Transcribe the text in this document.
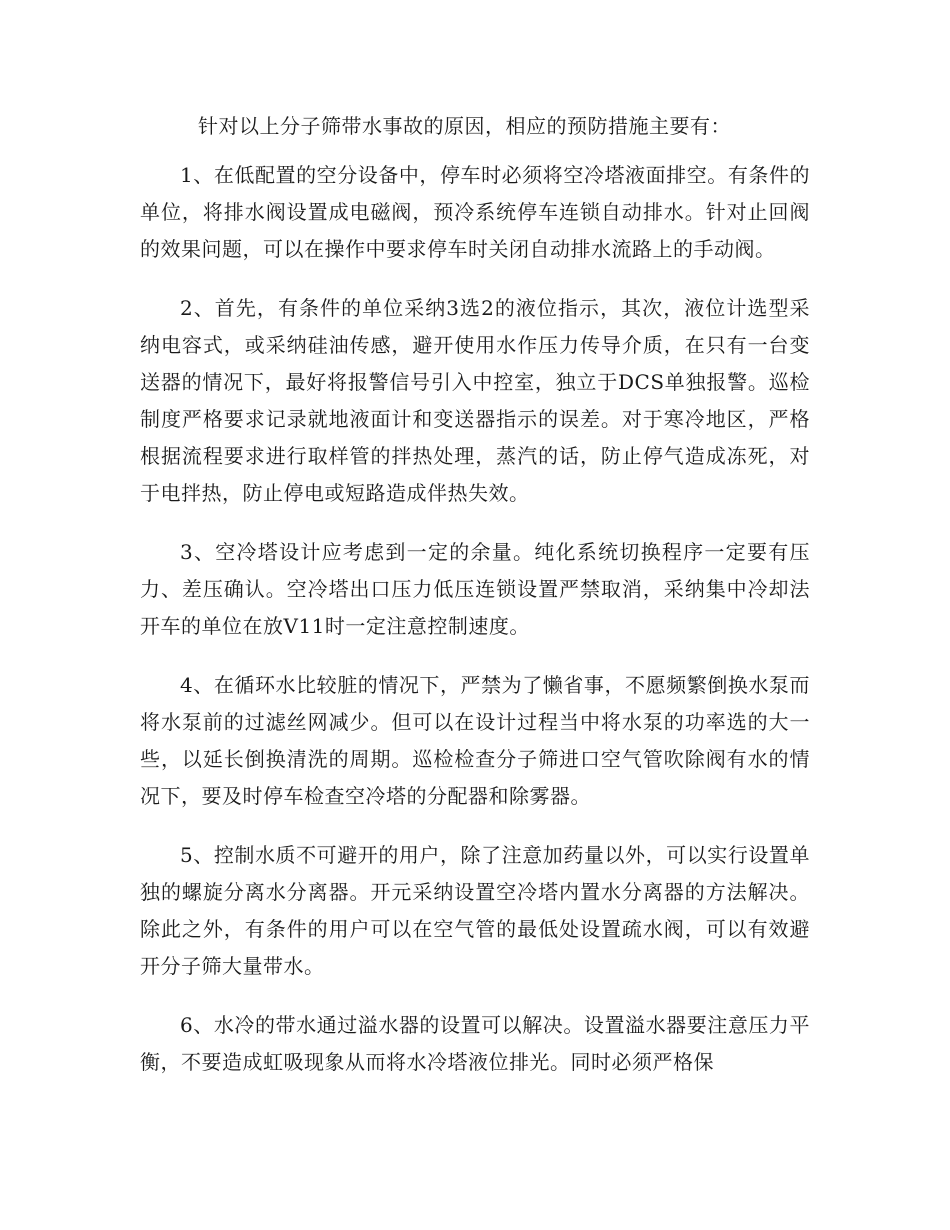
针对以上分子筛带水事故的原因，相应的预防措施主要有：

1、在低配置的空分设备中，停车时必须将空冷塔液面排空。有条件的单位，将排水阀设置成电磁阀，预冷系统停车连锁自动排水。针对止回阀的效果问题，可以在操作中要求停车时关闭自动排水流路上的手动阀。

2、首先，有条件的单位采纳3选2的液位指示，其次，液位计选型采纳电容式，或采纳硅油传感，避开使用水作压力传导介质，在只有一台变送器的情况下，最好将报警信号引入中控室，独立于DCS单独报警。巡检制度严格要求记录就地液面计和变送器指示的误差。对于寒冷地区，严格根据流程要求进行取样管的拌热处理，蒸汽的话，防止停气造成冻死，对于电拌热，防止停电或短路造成伴热失效。

3、空冷塔设计应考虑到一定的余量。纯化系统切换程序一定要有压力、差压确认。空冷塔出口压力低压连锁设置严禁取消，采纳集中冷却法开车的单位在放V11时一定注意控制速度。

4、在循环水比较脏的情况下，严禁为了懒省事，不愿频繁倒换水泵而将水泵前的过滤丝网减少。但可以在设计过程当中将水泵的功率选的大一些，以延长倒换清洗的周期。巡检检查分子筛进口空气管吹除阀有水的情况下，要及时停车检查空冷塔的分配器和除雾器。

5、控制水质不可避开的用户，除了注意加药量以外，可以实行设置单独的螺旋分离水分离器。开元采纳设置空冷塔内置水分离器的方法解决。除此之外，有条件的用户可以在空气管的最低处设置疏水阀，可以有效避开分子筛大量带水。

6、水冷的带水通过溢水器的设置可以解决。设置溢水器要注意压力平衡，不要造成虹吸现象从而将水冷塔液位排光。同时必须严格保
